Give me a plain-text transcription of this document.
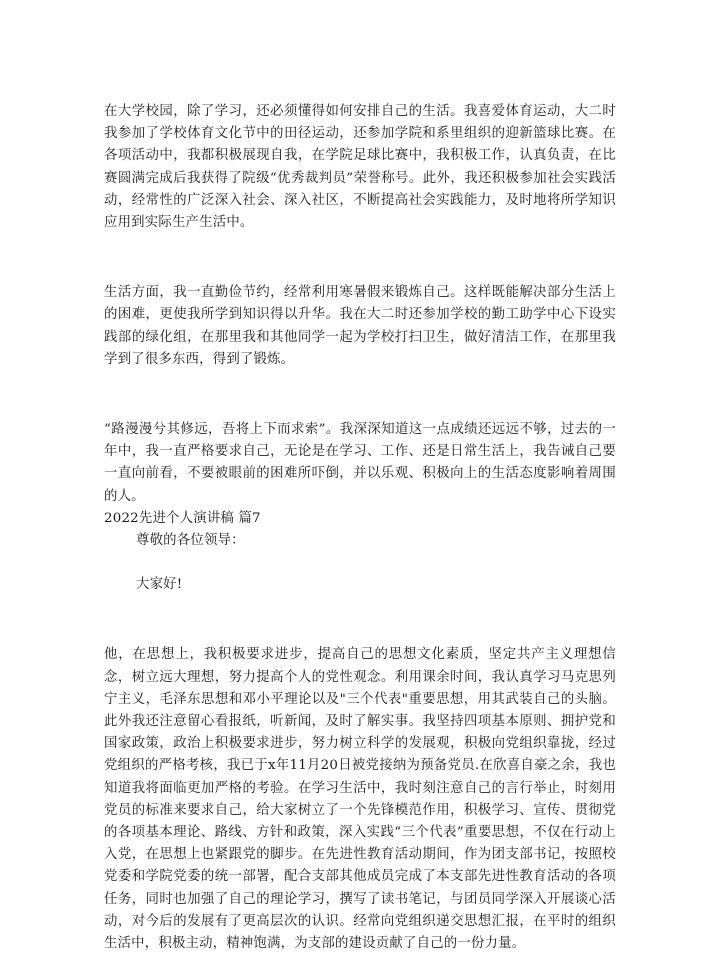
在大学校园，除了学习，还必须懂得如何安排自己的生活。我喜爱体育运动，大二时我参加了学校体育文化节中的田径运动，还参加学院和系里组织的迎新篮球比赛。在各项活动中，我都积极展现自我，在学院足球比赛中，我积极工作，认真负责，在比赛圆满完成后我获得了院级“优秀裁判员”荣誉称号。此外，我还积极参加社会实践活动，经常性的广泛深入社会、深入社区，不断提高社会实践能力，及时地将所学知识应用到实际生产生活中。

生活方面，我一直勤俭节约，经常利用寒暑假来锻炼自己。这样既能解决部分生活上的困难，更使我所学到知识得以升华。我在大二时还参加学校的勤工助学中心下设实践部的绿化组，在那里我和其他同学一起为学校打扫卫生，做好清洁工作，在那里我学到了很多东西，得到了锻炼。

“路漫漫兮其修远，吾将上下而求索”。我深深知道这一点成绩还远远不够，过去的一年中，我一直严格要求自己，无论是在学习、工作、还是日常生活上，我告诫自己要一直向前看，不要被眼前的困难所吓倒，并以乐观、积极向上的生活态度影响着周围的人。

2022先进个人演讲稿 篇7

尊敬的各位领导：

大家好!

他，在思想上，我积极要求进步，提高自己的思想文化素质，坚定共产主义理想信念，树立远大理想，努力提高个人的党性观念。利用课余时间，我认真学习马克思列宁主义，毛泽东思想和邓小平理论以及"三个代表"重要思想，用其武装自己的头脑。此外我还注意留心看报纸，听新闻，及时了解实事。我坚持四项基本原则、拥护党和国家政策，政治上积极要求进步，努力树立科学的发展观，积极向党组织靠拢，经过党组织的严格考核，我已于x年11月20日被党接纳为预备党员.在欣喜自豪之余，我也知道我将面临更加严格的考验。在学习生活中，我时刻注意自己的言行举止，时刻用党员的标准来要求自己，给大家树立了一个先锋模范作用，积极学习、宣传、贯彻党的各项基本理论、路线、方针和政策，深入实践“三个代表”重要思想，不仅在行动上入党，在思想上也紧跟党的脚步。在先进性教育活动期间，作为团支部书记，按照校党委和学院党委的统一部署，配合支部其他成员完成了本支部先进性教育活动的各项任务，同时也加强了自己的理论学习，撰写了读书笔记，与团员同学深入开展谈心活动，对今后的发展有了更高层次的认识。经常向党组织递交思想汇报，在平时的组织生活中，积极主动，精神饱满，为支部的建设贡献了自己的一份力量。
